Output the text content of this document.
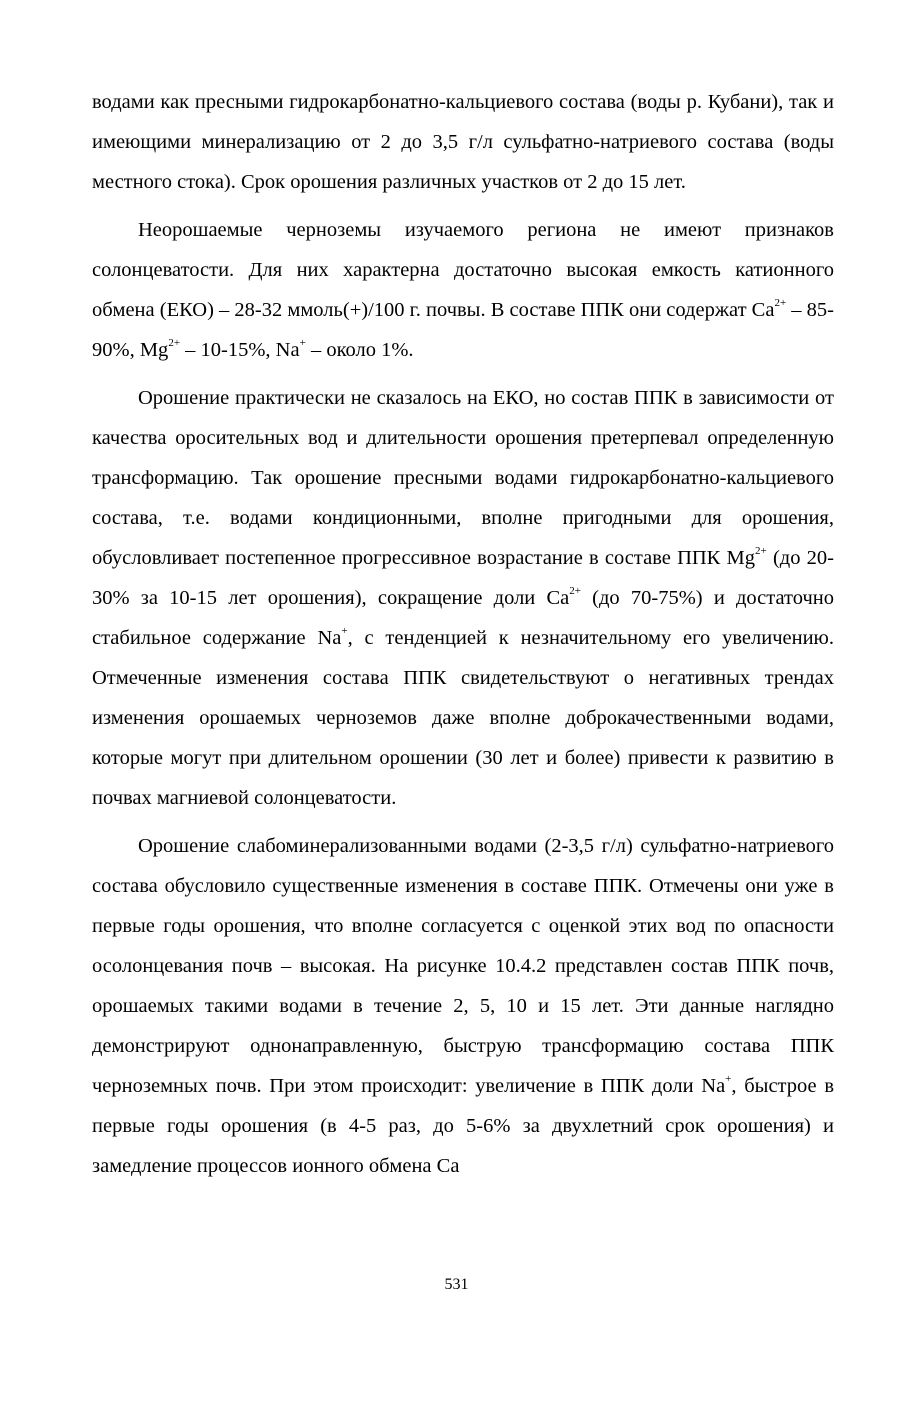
водами как пресными гидрокарбонатно-кальциевого состава (воды р. Кубани), так и имеющими минерализацию от 2 до 3,5 г/л сульфатно-натриевого состава (воды местного стока). Срок орошения различных участков от 2 до 15 лет.

Неорошаемые черноземы изучаемого региона не имеют признаков солонцеватости. Для них характерна достаточно высокая емкость катионного обмена (ЕКО) – 28-32 ммоль(+)/100 г. почвы. В составе ППК они содержат $Ca^{2+} - 85-90\%$, $Mg^{2+} - 10-15\%$, Na+ – около 1%.

Орошение практически не сказалось на ЕКО, но состав ППК в зависимости от качества оросительных вод и длительности орошения претерпевал определенную трансформацию. Так орошение пресными водами гидрокарбонатно-кальциевого состава, т.е. водами кондиционными, вполне пригодными для орошения, обусловливает постепенное прогрессивное возрастание в составе ППК $Mg^{2+}$ (до 20-30% за 10-15 лет орошения), сокращение доли $Ca^{2+}$ (до 70-75%) и достаточно стабильное содержание Na+, с тенденцией к незначительному его увеличению. Отмеченные изменения состава ППК свидетельствуют о негативных трендах изменения орошаемых черноземов даже вполне доброкачественными водами, которые могут при длительном орошении (30 лет и более) привести к развитию в почвах магниевой солонцеватости.

Орошение слабоминерализованными водами (2-3,5 г/л) сульфатно-натриевого состава обусловило существенные изменения в составе ППК. Отмечены они уже в первые годы орошения, что вполне согласуется с оценкой этих вод по опасности осолонцевания почв – высокая. На рисунке 10.4.2 представлен состав ППК почв, орошаемых такими водами в течение 2, 5, 10 и 15 лет. Эти данные наглядно демонстрируют однонаправленную, быструю трансформацию состава ППК черноземных почв. При этом происходит: увеличение в ППК доли Na+, быстрое в первые годы орошения (в 4-5 раз, до 5-6% за двухлетний срок орошения) и замедление процессов ионного обмена Ca

531
